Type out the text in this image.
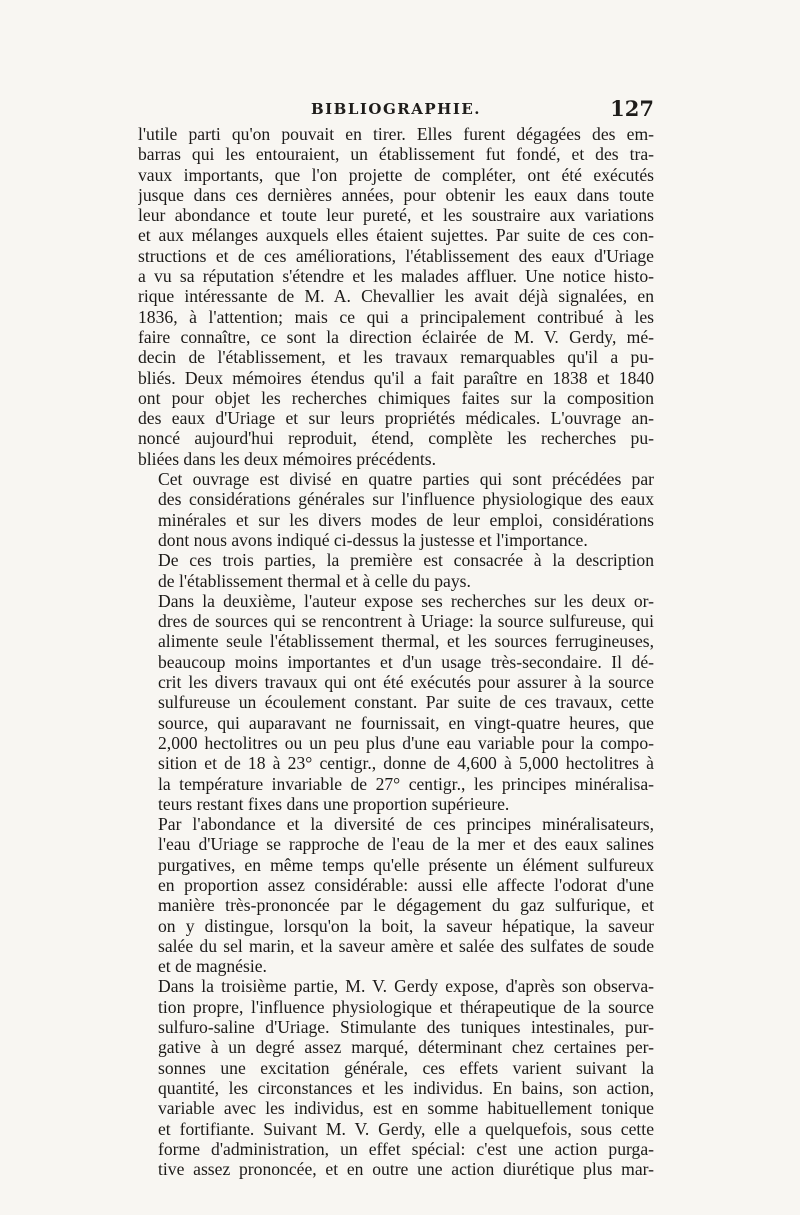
BIBLIOGRAPHIE.	127

l'utile parti qu'on pouvait en tirer. Elles furent dégagées des em-
barras qui les entouraient, un établissement fut fondé, et des tra-
vaux importants, que l'on projette de compléter, ont été exécutés
jusque dans ces dernières années, pour obtenir les eaux dans toute
leur abondance et toute leur pureté, et les soustraire aux variations
et aux mélanges auxquels elles étaient sujettes. Par suite de ces con-
structions et de ces améliorations, l'établissement des eaux d'Uriage
a vu sa réputation s'étendre et les malades affluer. Une notice histo-
rique intéressante de M. A. Chevallier les avait déjà signalées, en
1836, à l'attention; mais ce qui a principalement contribué à les
faire connaître, ce sont la direction éclairée de M. V. Gerdy, mé-
decin de l'établissement, et les travaux remarquables qu'il a pu-
bliés. Deux mémoires étendus qu'il a fait paraître en 1838 et 1840
ont pour objet les recherches chimiques faites sur la composition
des eaux d'Uriage et sur leurs propriétés médicales. L'ouvrage an-
noncé aujourd'hui reproduit, étend, complète les recherches pu-
bliées dans les deux mémoires précédents.

Cet ouvrage est divisé en quatre parties qui sont précédées par
des considérations générales sur l'influence physiologique des eaux
minérales et sur les divers modes de leur emploi, considérations
dont nous avons indiqué ci-dessus la justesse et l'importance.

De ces trois parties, la première est consacrée à la description
de l'établissement thermal et à celle du pays.

Dans la deuxième, l'auteur expose ses recherches sur les deux or-
dres de sources qui se rencontrent à Uriage: la source sulfureuse, qui
alimente seule l'établissement thermal, et les sources ferrugineuses,
beaucoup moins importantes et d'un usage très-secondaire. Il dé-
crit les divers travaux qui ont été exécutés pour assurer à la source
sulfureuse un écoulement constant. Par suite de ces travaux, cette
source, qui auparavant ne fournissait, en vingt-quatre heures, que
2,000 hectolitres ou un peu plus d'une eau variable pour la compo-
sition et de 18 à 23° centigr., donne de 4,600 à 5,000 hectolitres à
la température invariable de 27° centigr., les principes minéralisa-
teurs restant fixes dans une proportion supérieure.

Par l'abondance et la diversité de ces principes minéralisateurs,
l'eau d'Uriage se rapproche de l'eau de la mer et des eaux salines
purgatives, en même temps qu'elle présente un élément sulfureux
en proportion assez considérable: aussi elle affecte l'odorat d'une
manière très-prononcée par le dégagement du gaz sulfurique, et
on y distingue, lorsqu'on la boit, la saveur hépatique, la saveur
salée du sel marin, et la saveur amère et salée des sulfates de soude
et de magnésie.

Dans la troisième partie, M. V. Gerdy expose, d'après son observa-
tion propre, l'influence physiologique et thérapeutique de la source
sulfuro-saline d'Uriage. Stimulante des tuniques intestinales, pur-
gative à un degré assez marqué, déterminant chez certaines per-
sonnes une excitation générale, ces effets varient suivant la
quantité, les circonstances et les individus. En bains, son action,
variable avec les individus, est en somme habituellement tonique
et fortifiante. Suivant M. V. Gerdy, elle a quelquefois, sous cette
forme d'administration, un effet spécial: c'est une action purga-
tive assez prononcée, et en outre une action diurétique plus mar-
